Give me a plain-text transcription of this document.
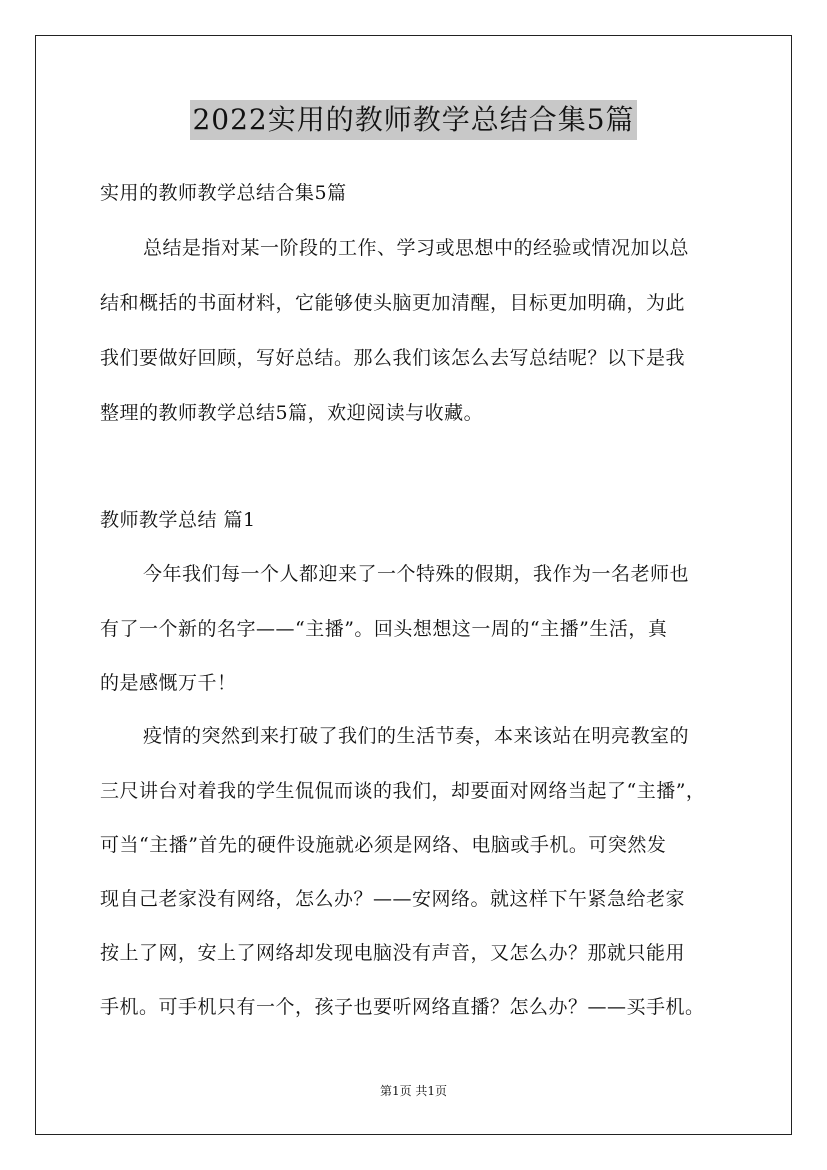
2022实用的教师教学总结合集5篇
实用的教师教学总结合集5篇
总结是指对某一阶段的工作、学习或思想中的经验或情况加以总
结和概括的书面材料，它能够使头脑更加清醒，目标更加明确，为此
我们要做好回顾，写好总结。那么我们该怎么去写总结呢？以下是我
整理的教师教学总结5篇，欢迎阅读与收藏。
教师教学总结 篇1
今年我们每一个人都迎来了一个特殊的假期，我作为一名老师也
有了一个新的名字——“主播”。回头想想这一周的“主播”生活，真
的是感慨万千！
疫情的突然到来打破了我们的生活节奏，本来该站在明亮教室的
三尺讲台对着我的学生侃侃而谈的我们，却要面对网络当起了“主播”，
可当“主播”首先的硬件设施就必须是网络、电脑或手机。可突然发
现自己老家没有网络，怎么办？——安网络。就这样下午紧急给老家
按上了网，安上了网络却发现电脑没有声音，又怎么办？那就只能用
手机。可手机只有一个，孩子也要听网络直播？怎么办？——买手机。
第1页 共1页
